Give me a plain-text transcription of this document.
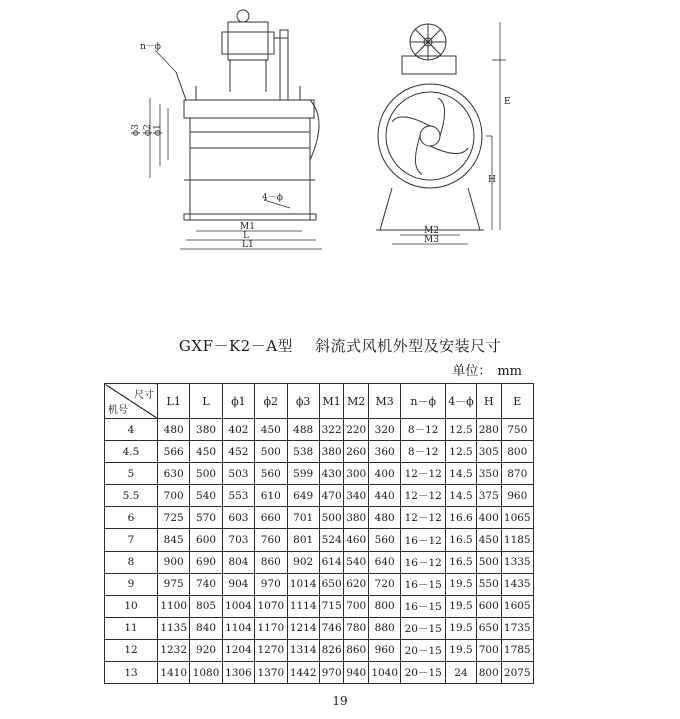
n－ϕ
ϕ3 ϕ2 ϕ1
4－ϕ
M1
L
L1
M2
M3
H
E
GXF－K2－A型 斜流式风机外型及安装尺寸
单位： mm
尺寸
机号	L1	L	ϕ1	ϕ2	ϕ3	M1	M2	M3	n－ϕ	4－ϕ	H	E
4	480	380	402	450	488	322	220	320	8－12	12.5	280	750
4.5	566	450	452	500	538	380	260	360	8－12	12.5	305	800
5	630	500	503	560	599	430	300	400	12－12	14.5	350	870
5.5	700	540	553	610	649	470	340	440	12－12	14.5	375	960
6	725	570	603	660	701	500	380	480	12－12	16.6	400	1065
7	845	600	703	760	801	524	460	560	16－12	16.5	450	1185
8	900	690	804	860	902	614	540	640	16－12	16.5	500	1335
9	975	740	904	970	1014	650	620	720	16－15	19.5	550	1435
10	1100	805	1004	1070	1114	715	700	800	16－15	19.5	600	1605
11	1135	840	1104	1170	1214	746	780	880	20－15	19.5	650	1735
12	1232	920	1204	1270	1314	826	860	960	20－15	19.5	700	1785
13	1410	1080	1306	1370	1442	970	940	1040	20－15	24	800	2075
19
